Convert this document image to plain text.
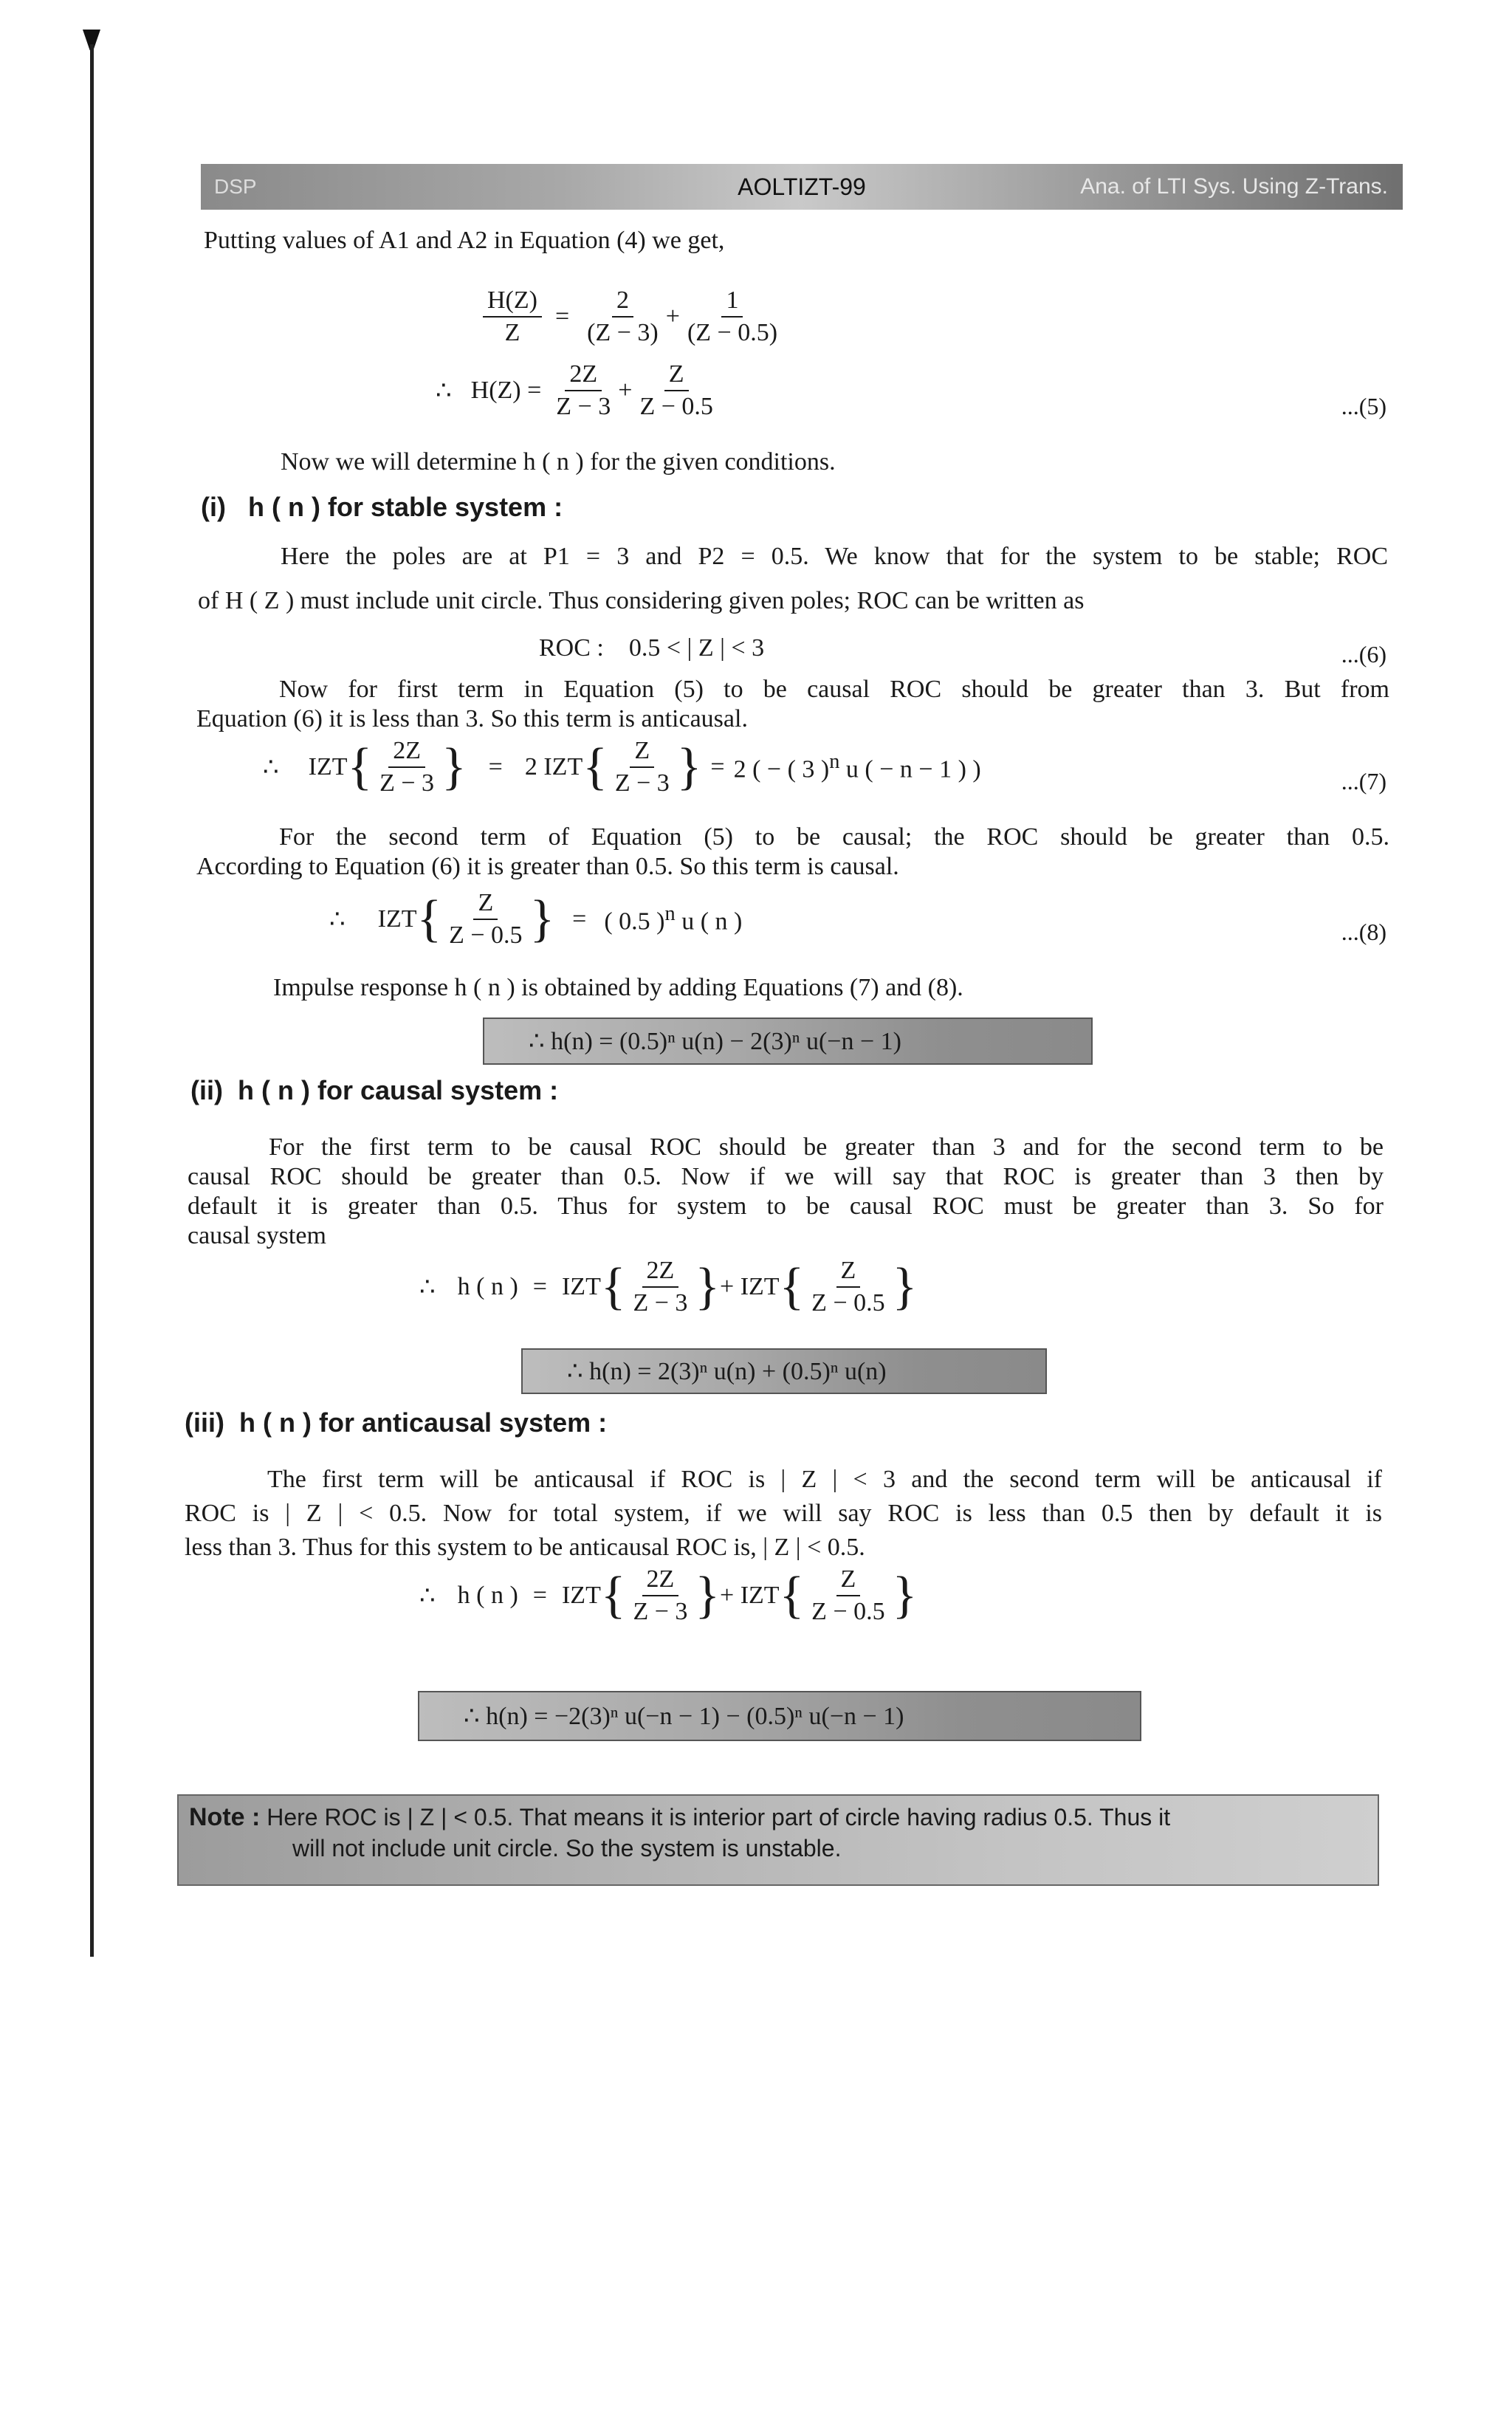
DSP	AOLTIZT-99	Ana. of LTI Sys. Using Z-Trans.
Putting values of A1 and A2 in Equation (4) we get,
$\frac{H(Z)}{Z} = \frac{2}{(Z - 3)} + \frac{1}{(Z - 0.5)}$
∴ $H(Z) = \frac{2Z}{Z - 3} + \frac{Z}{Z - 0.5}$	...(5)
Now we will determine h ( n ) for the given conditions.
(i) h ( n ) for stable system :
Here the poles are at P1 = 3 and P2 = 0.5. We know that for the system to be stable; ROC
of H ( Z ) must include unit circle. Thus considering given poles; ROC can be written as
ROC :    0.5 < | Z | < 3	...(6)
Now for first term in Equation (5) to be causal ROC should be greater than 3. But from
Equation (6) it is less than 3. So this term is anticausal.
∴ IZT { $\frac{2Z}{Z - 3}$ } = 2 IZT { $\frac{Z}{Z - 3}$ } = 2 ( − ( 3 )$^n$ u ( − n − 1 ) )	...(7)
For the second term of Equation (5) to be causal; the ROC should be greater than 0.5.
According to Equation (6) it is greater than 0.5. So this term is causal.
∴ IZT { $\frac{Z}{Z - 0.5}$ } = ( 0.5 )$^n$ u ( n )	...(8)
Impulse response h ( n ) is obtained by adding Equations (7) and (8).
∴ h(n) = (0.5)ⁿ u(n) − 2(3)ⁿ u(−n − 1)
(ii) h ( n ) for causal system :
For the first term to be causal ROC should be greater than 3 and for the second term to be
causal ROC should be greater than 0.5. Now if we will say that ROC is greater than 3 then by
default it is greater than 0.5. Thus for system to be causal ROC must be greater than 3. So for
causal system
∴ h ( n ) = IZT { $\frac{2Z}{Z - 3}$ } + IZT { $\frac{Z}{Z - 0.5}$ }
∴ h(n) = 2(3)ⁿ u(n) + (0.5)ⁿ u(n)
(iii) h ( n ) for anticausal system :
The first term will be anticausal if ROC is | Z | < 3 and the second term will be anticausal if
ROC is | Z | < 0.5. Now for total system, if we will say ROC is less than 0.5 then by default it is
less than 3. Thus for this system to be anticausal ROC is, | Z | < 0.5.
∴ h ( n ) = IZT { $\frac{2Z}{Z - 3}$ } + IZT { $\frac{Z}{Z - 0.5}$ }
∴ h(n) = −2(3)ⁿ u(−n − 1) − (0.5)ⁿ u(−n − 1)
Note : Here ROC is | Z | < 0.5. That means it is interior part of circle having radius 0.5. Thus it
will not include unit circle. So the system is unstable.
